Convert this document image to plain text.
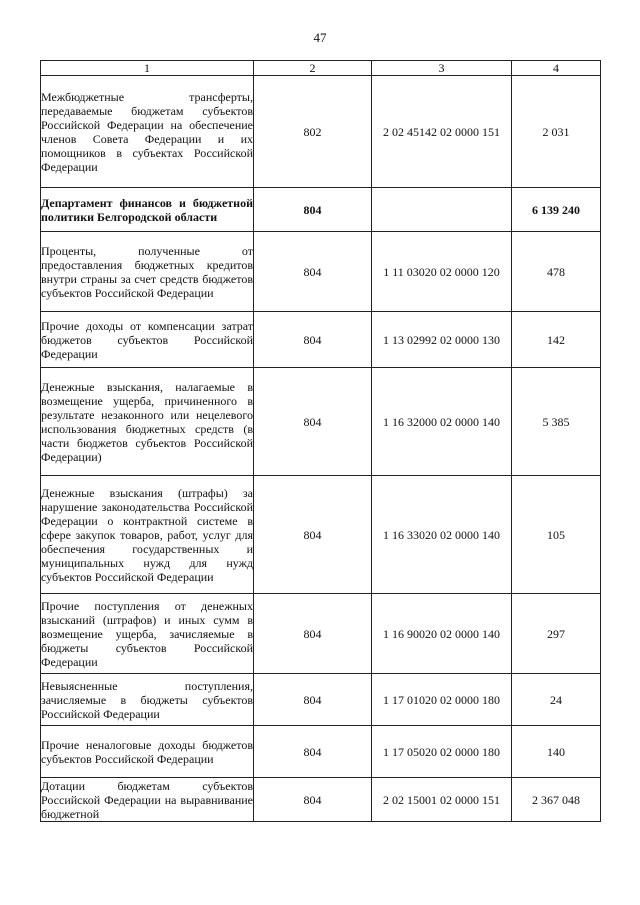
47
1	2	3	4
Межбюджетные трансферты, передаваемые бюджетам субъектов Российской Федерации на обеспечение членов Совета Федерации и их помощников в субъектах Российской Федерации	802	2 02 45142 02 0000 151	2 031
Департамент финансов и бюджетной политики Белгородской области	804		6 139 240
Проценты, полученные от предоставления бюджетных кредитов внутри страны за счет средств бюджетов субъектов Российской Федерации	804	1 11 03020 02 0000 120	478
Прочие доходы от компенсации затрат бюджетов субъектов Российской Федерации	804	1 13 02992 02 0000 130	142
Денежные взыскания, налагаемые в возмещение ущерба, причиненного в результате незаконного или нецелевого использования бюджетных средств (в части бюджетов субъектов Российской Федерации)	804	1 16 32000 02 0000 140	5 385
Денежные взыскания (штрафы) за нарушение законодательства Российской Федерации о контрактной системе в сфере закупок товаров, работ, услуг для обеспечения государственных и муниципальных нужд для нужд субъектов Российской Федерации	804	1 16 33020 02 0000 140	105
Прочие поступления от денежных взысканий (штрафов) и иных сумм в возмещение ущерба, зачисляемые в бюджеты субъектов Российской Федерации	804	1 16 90020 02 0000 140	297
Невыясненные поступления, зачисляемые в бюджеты субъектов Российской Федерации	804	1 17 01020 02 0000 180	24
Прочие неналоговые доходы бюджетов субъектов Российской Федерации	804	1 17 05020 02 0000 180	140
Дотации бюджетам субъектов Российской Федерации на выравнивание бюджетной	804	2 02 15001 02 0000 151	2 367 048
